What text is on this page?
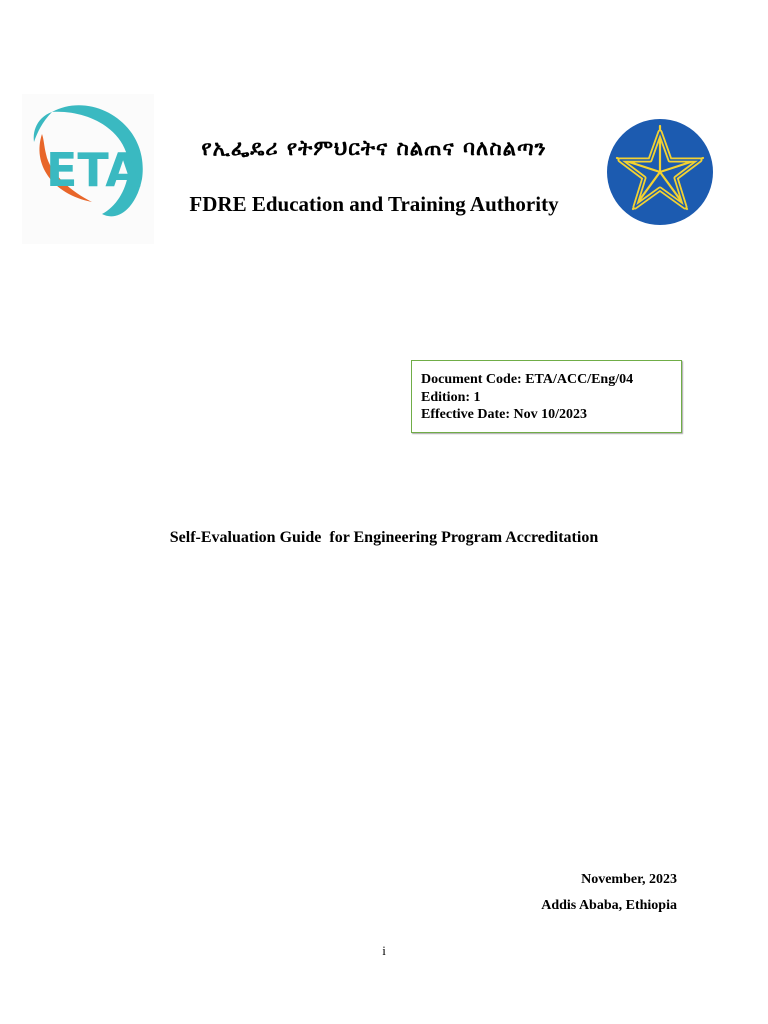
ETA	የኢፌዴሪ የትምህርትና ስልጠና ባለስልጣን
FDRE Education and Training Authority
Document Code: ETA/ACC/Eng/04
Edition: 1
Effective Date: Nov 10/2023
Self-Evaluation Guide  for Engineering Program Accreditation
November, 2023
Addis Ababa, Ethiopia
i
